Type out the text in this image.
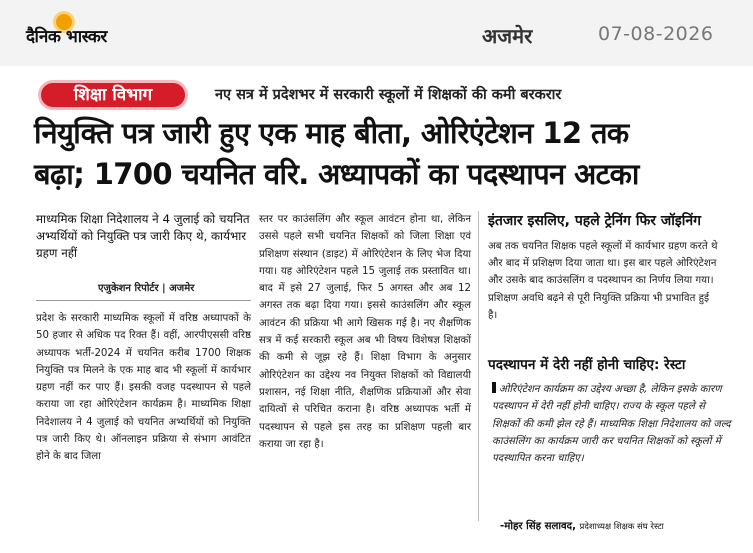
दैनिक भास्कर	अजमेर	07-08-2026
शिक्षा विभाग	नए सत्र में प्रदेशभर में सरकारी स्कूलों में शिक्षकों की कमी बरकरार
नियुक्ति पत्र जारी हुए एक माह बीता, ओरिएंटेशन 12 तक
बढ़ा; 1700 चयनित वरि. अध्यापकों का पदस्थापन अटका
माध्यमिक शिक्षा निदेशालय ने 4 जुलाई को चयनित अभ्यर्थियों को नियुक्ति पत्र जारी किए थे, कार्यभार ग्रहण नहीं
एजुकेशन रिपोर्टर | अजमेर
प्रदेश के सरकारी माध्यमिक स्कूलों में वरिष्ठ अध्यापकों के 50 हजार से अधिक पद रिक्त हैं। वहीं, आरपीएससी वरिष्ठ अध्यापक भर्ती-2024 में चयनित करीब 1700 शिक्षक नियुक्ति पत्र मिलने के एक माह बाद भी स्कूलों में कार्यभार ग्रहण नहीं कर पाए हैं। इसकी वजह पदस्थापन से पहले कराया जा रहा ओरिएंटेशन कार्यक्रम है। माध्यमिक शिक्षा निदेशालय ने 4 जुलाई को चयनित अभ्यर्थियों को नियुक्ति पत्र जारी किए थे। ऑनलाइन प्रक्रिया से संभाग आवंटित होने के बाद जिला
स्तर पर काउंसलिंग और स्कूल आवंटन होना था, लेकिन उससे पहले सभी चयनित शिक्षकों को जिला शिक्षा एवं प्रशिक्षण संस्थान (डाइट) में ओरिएंटेशन के लिए भेज दिया गया। यह ओरिएंटेशन पहले 15 जुलाई तक प्रस्तावित था। बाद में इसे 27 जुलाई, फिर 5 अगस्त और अब 12 अगस्त तक बढ़ा दिया गया। इससे काउंसलिंग और स्कूल आवंटन की प्रक्रिया भी आगे खिसक गई है। नए शैक्षणिक सत्र में कई सरकारी स्कूल अब भी विषय विशेषज्ञ शिक्षकों की कमी से जूझ रहे हैं। शिक्षा विभाग के अनुसार ओरिएंटेशन का उद्देश्य नव नियुक्त शिक्षकों को विद्यालयी प्रशासन, नई शिक्षा नीति, शैक्षणिक प्रक्रियाओं और सेवा दायित्वों से परिचित कराना है। वरिष्ठ अध्यापक भर्ती में पदस्थापन से पहले इस तरह का प्रशिक्षण पहली बार कराया जा रहा है।
इंतजार इसलिए, पहले ट्रेनिंग फिर जॉइनिंग
अब तक चयनित शिक्षक पहले स्कूलों में कार्यभार ग्रहण करते थे और बाद में प्रशिक्षण दिया जाता था। इस बार पहले ओरिएंटेशन और उसके बाद काउंसलिंग व पदस्थापन का निर्णय लिया गया। प्रशिक्षण अवधि बढ़ने से पूरी नियुक्ति प्रक्रिया भी प्रभावित हुई है।
पदस्थापन में देरी नहीं होनी चाहिए: रेस्टा
ओरिएंटेशन कार्यक्रम का उद्देश्य अच्छा है, लेकिन इसके कारण पदस्थापन में देरी नहीं होनी चाहिए। राज्य के स्कूल पहले से शिक्षकों की कमी झेल रहे हैं। माध्यमिक शिक्षा निदेशालय को जल्द काउंसलिंग का कार्यक्रम जारी कर चयनित शिक्षकों को स्कूलों में पदस्थापित करना चाहिए।
-मोहर सिंह सलावद, प्रदेशाध्यक्ष शिक्षक संघ रेस्टा
